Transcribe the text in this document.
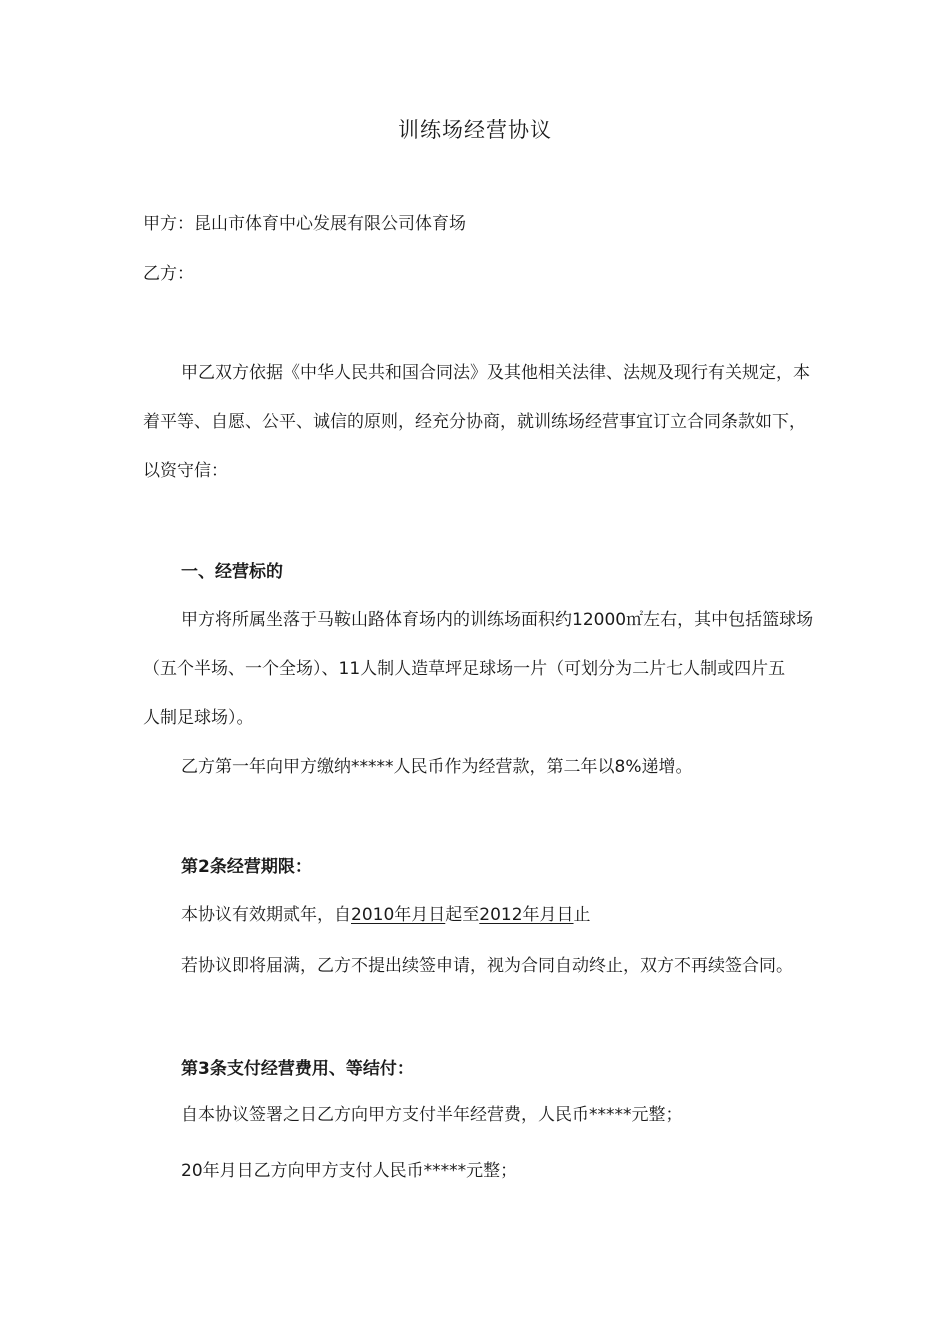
训练场经营协议
甲方：昆山市体育中心发展有限公司体育场
乙方：
甲乙双方依据《中华人民共和国合同法》及其他相关法律、法规及现行有关规定，本
着平等、自愿、公平、诚信的原则，经充分协商，就训练场经营事宜订立合同条款如下，
以资守信：
一、经营标的
甲方将所属坐落于马鞍山路体育场内的训练场面积约12000㎡左右，其中包括篮球场
（五个半场、一个全场）、11人制人造草坪足球场一片（可划分为二片七人制或四片五
人制足球场）。
乙方第一年向甲方缴纳*****人民币作为经营款，第二年以8%递增。
第2条经营期限：
本协议有效期贰年，自2010年月日起至2012年月日止
若协议即将届满，乙方不提出续签申请，视为合同自动终止，双方不再续签合同。
第3条支付经营费用、等结付：
自本协议签署之日乙方向甲方支付半年经营费，人民币*****元整；
20年月日乙方向甲方支付人民币*****元整；
